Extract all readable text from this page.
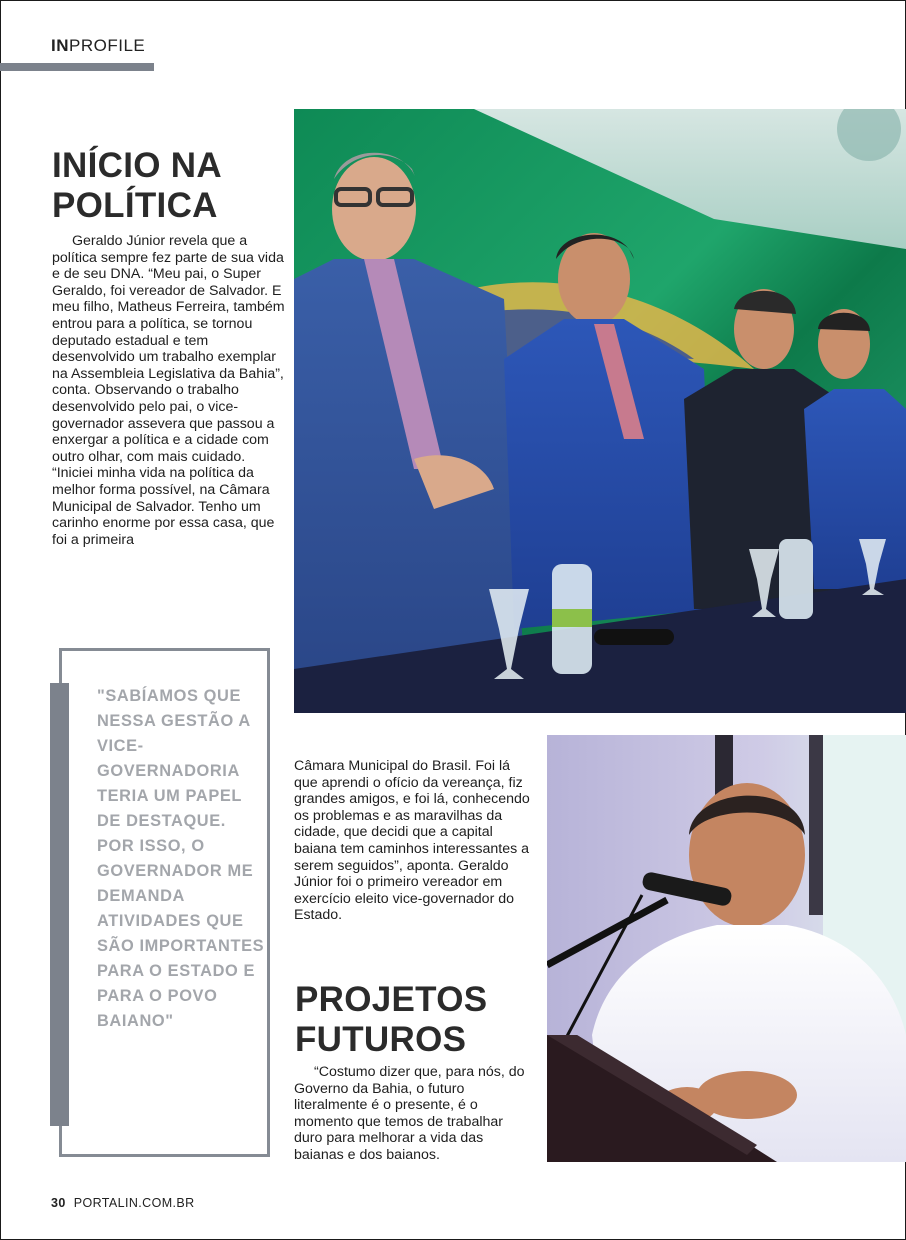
INPROFILE
INÍCIO NA POLÍTICA

Geraldo Júnior revela que a política sempre fez parte de sua vida e de seu DNA. “Meu pai, o Super Geraldo, foi vereador de Salvador. E meu filho, Matheus Ferreira, também entrou para a política, se tornou deputado estadual e tem desenvolvido um trabalho exemplar na Assembleia Legislativa da Bahia”, conta. Observando o trabalho desenvolvido pelo pai, o vice-governador assevera que passou a enxergar a política e a cidade com outro olhar, com mais cuidado. “Iniciei minha vida na política da melhor forma possível, na Câmara Municipal de Salvador. Tenho um carinho enorme por essa casa, que foi a primeira

"SABÍAMOS QUE NESSA GESTÃO A VICE-GOVERNADORIA TERIA UM PAPEL DE DESTAQUE. POR ISSO, O GOVERNADOR ME DEMANDA ATIVIDADES QUE SÃO IMPORTANTES PARA O ESTADO E PARA O POVO BAIANO"

Câmara Municipal do Brasil. Foi lá que aprendi o ofício da vereança, fiz grandes amigos, e foi lá, conhecendo os problemas e as maravilhas da cidade, que decidi que a capital baiana tem caminhos interessantes a serem seguidos”, aponta. Geraldo Júnior foi o primeiro vereador em exercício eleito vice-governador do Estado.

PROJETOS FUTUROS

“Costumo dizer que, para nós, do Governo da Bahia, o futuro literalmente é o presente, é o momento que temos de trabalhar duro para melhorar a vida das baianas e dos baianos.

30 PORTALIN.COM.BR
